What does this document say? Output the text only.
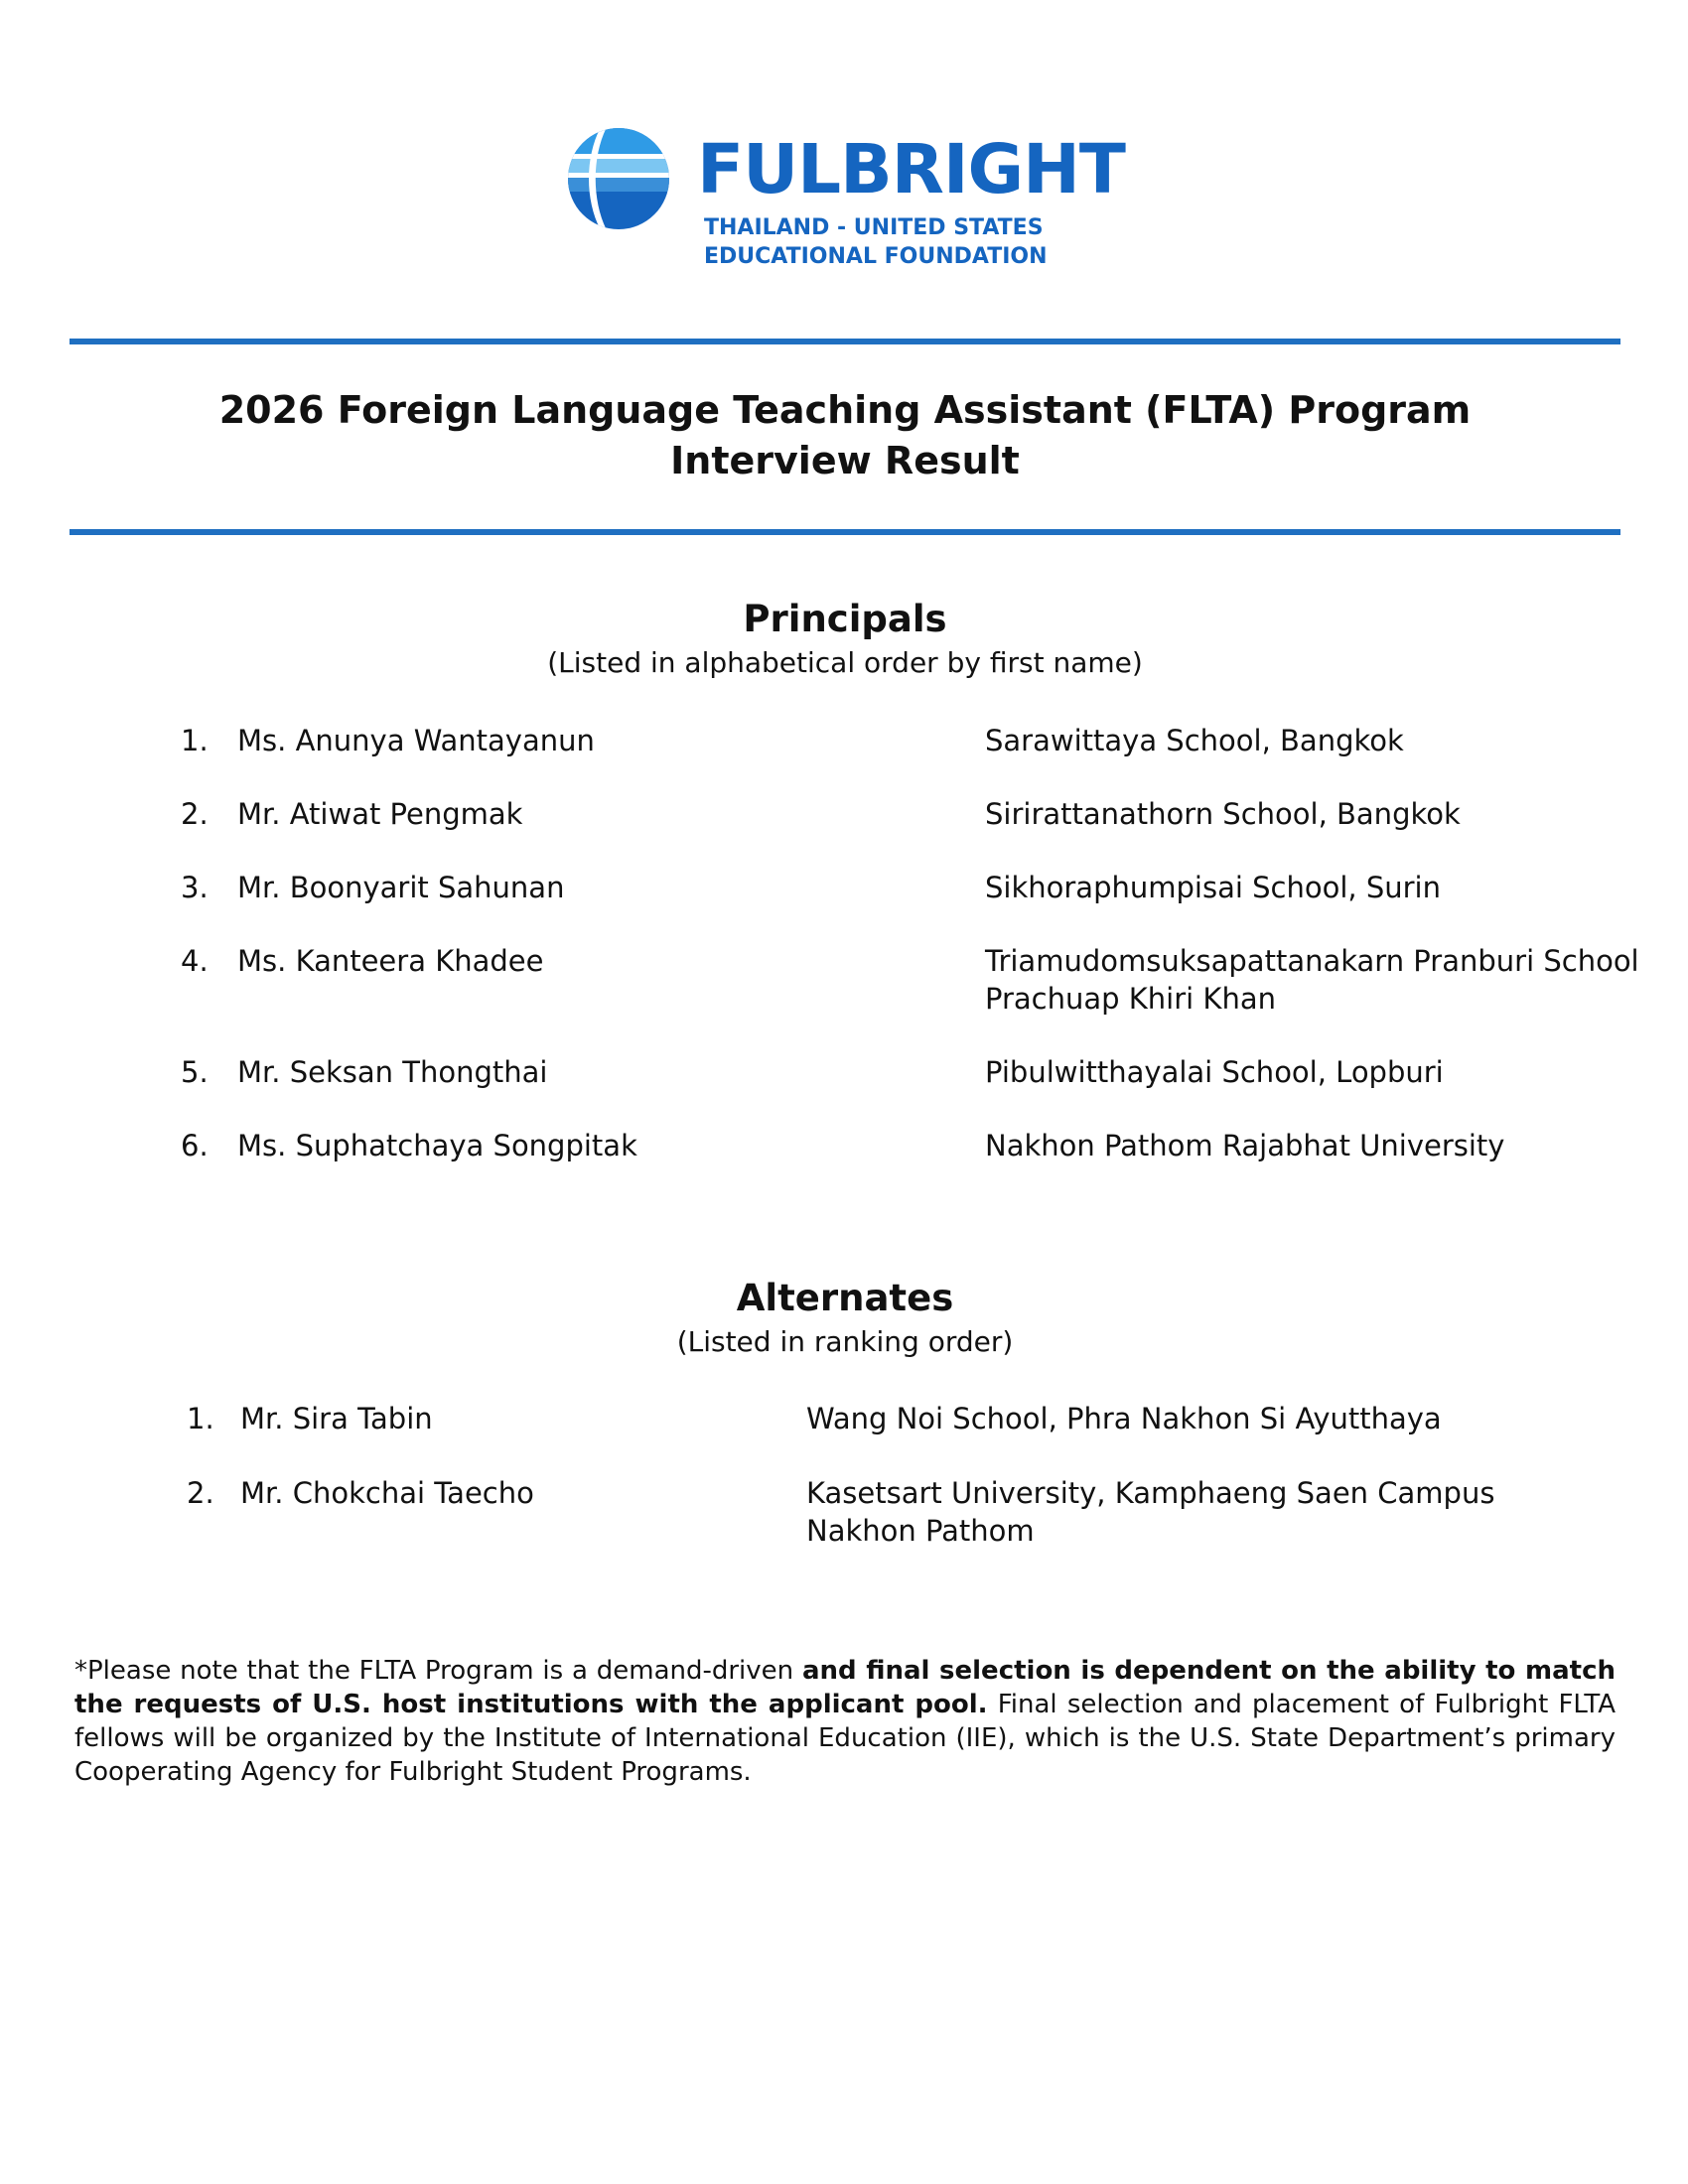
FULBRIGHT
THAILAND - UNITED STATES
EDUCATIONAL FOUNDATION
2026 Foreign Language Teaching Assistant (FLTA) Program
Interview Result
Principals
(Listed in alphabetical order by first name)
1. Ms. Anunya Wantayanun	Sarawittaya School, Bangkok
2. Mr. Atiwat Pengmak	Sirirattanathorn School, Bangkok
3. Mr. Boonyarit Sahunan	Sikhoraphumpisai School, Surin
4. Ms. Kanteera Khadee	Triamudomsuksapattanakarn Pranburi School
Prachuap Khiri Khan
5. Mr. Seksan Thongthai	Pibulwitthayalai School, Lopburi
6. Ms. Suphatchaya Songpitak	Nakhon Pathom Rajabhat University
Alternates
(Listed in ranking order)
1. Mr. Sira Tabin	Wang Noi School, Phra Nakhon Si Ayutthaya
2. Mr. Chokchai Taecho	Kasetsart University, Kamphaeng Saen Campus
Nakhon Pathom
*Please note that the FLTA Program is a demand-driven and final selection is dependent on the ability to match the requests of U.S. host institutions with the applicant pool. Final selection and placement of Fulbright FLTA fellows will be organized by the Institute of International Education (IIE), which is the U.S. State Department’s primary Cooperating Agency for Fulbright Student Programs.
